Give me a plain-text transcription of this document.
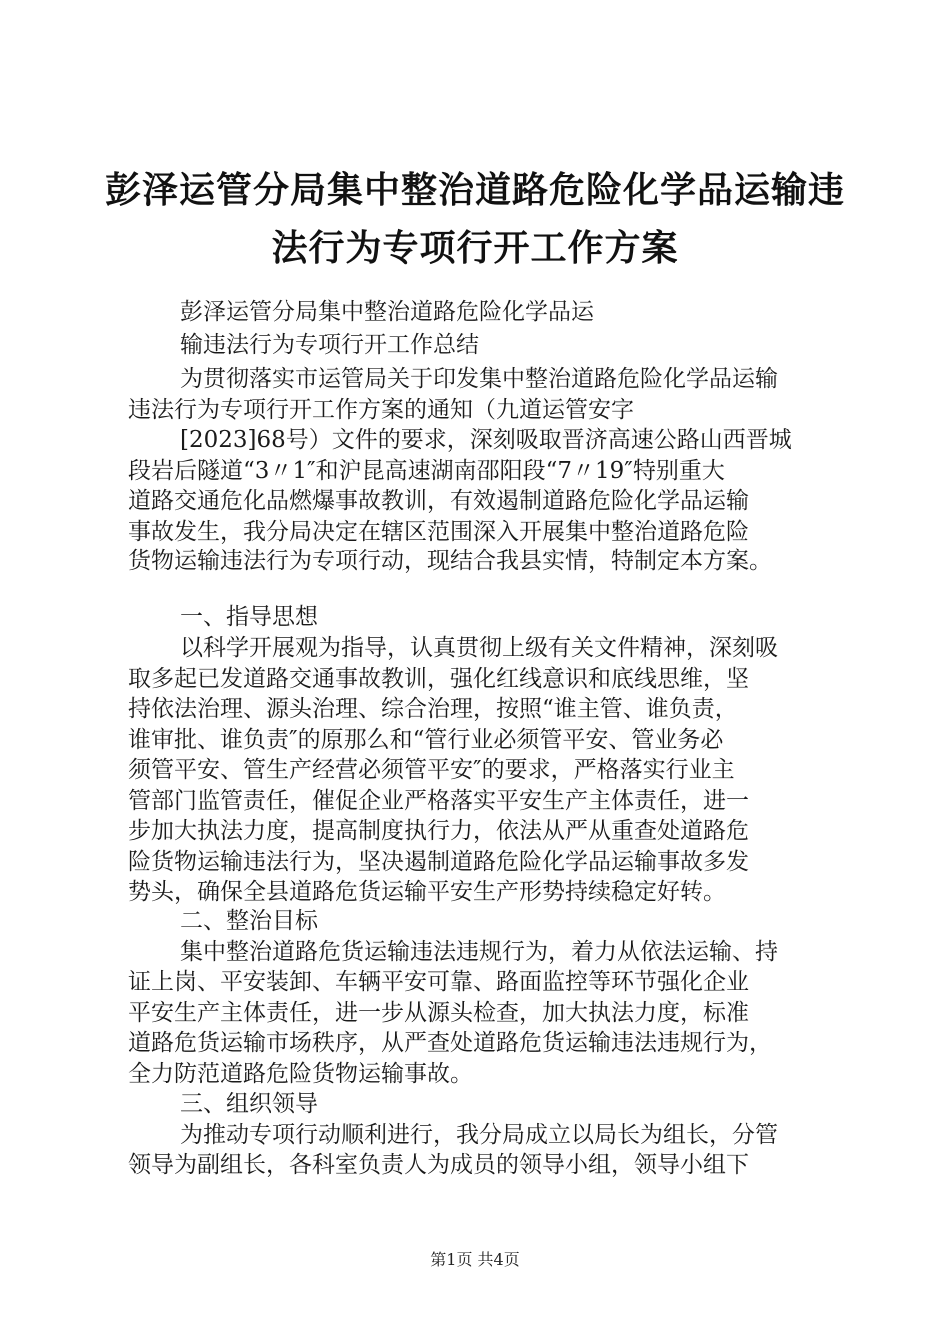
彭泽运管分局集中整治道路危险化学品运输违
法行为专项行开工作方案
彭泽运管分局集中整治道路危险化学品运
输违法行为专项行开工作总结
为贯彻落实市运管局关于印发集中整治道路危险化学品运输
违法行为专项行开工作方案的通知（九道运管安字
[2023]68号）文件的要求，深刻吸取晋济高速公路山西晋城
段岩后隧道“3〃1″和沪昆高速湖南邵阳段“7〃19″特别重大
道路交通危化品燃爆事故教训，有效遏制道路危险化学品运输
事故发生，我分局决定在辖区范围深入开展集中整治道路危险
货物运输违法行为专项行动，现结合我县实情，特制定本方案。
一、指导思想
以科学开展观为指导，认真贯彻上级有关文件精神，深刻吸
取多起已发道路交通事故教训，强化红线意识和底线思维，坚
持依法治理、源头治理、综合治理，按照“谁主管、谁负责，
谁审批、谁负责″的原那么和“管行业必须管平安、管业务必
须管平安、管生产经营必须管平安″的要求，严格落实行业主
管部门监管责任，催促企业严格落实平安生产主体责任，进一
步加大执法力度，提高制度执行力，依法从严从重查处道路危
险货物运输违法行为，坚决遏制道路危险化学品运输事故多发
势头，确保全县道路危货运输平安生产形势持续稳定好转。
二、整治目标
集中整治道路危货运输违法违规行为，着力从依法运输、持
证上岗、平安装卸、车辆平安可靠、路面监控等环节强化企业
平安生产主体责任，进一步从源头检查，加大执法力度，标准
道路危货运输市场秩序，从严查处道路危货运输违法违规行为，
全力防范道路危险货物运输事故。
三、组织领导
为推动专项行动顺利进行，我分局成立以局长为组长，分管
领导为副组长，各科室负责人为成员的领导小组，领导小组下
第1页 共4页
